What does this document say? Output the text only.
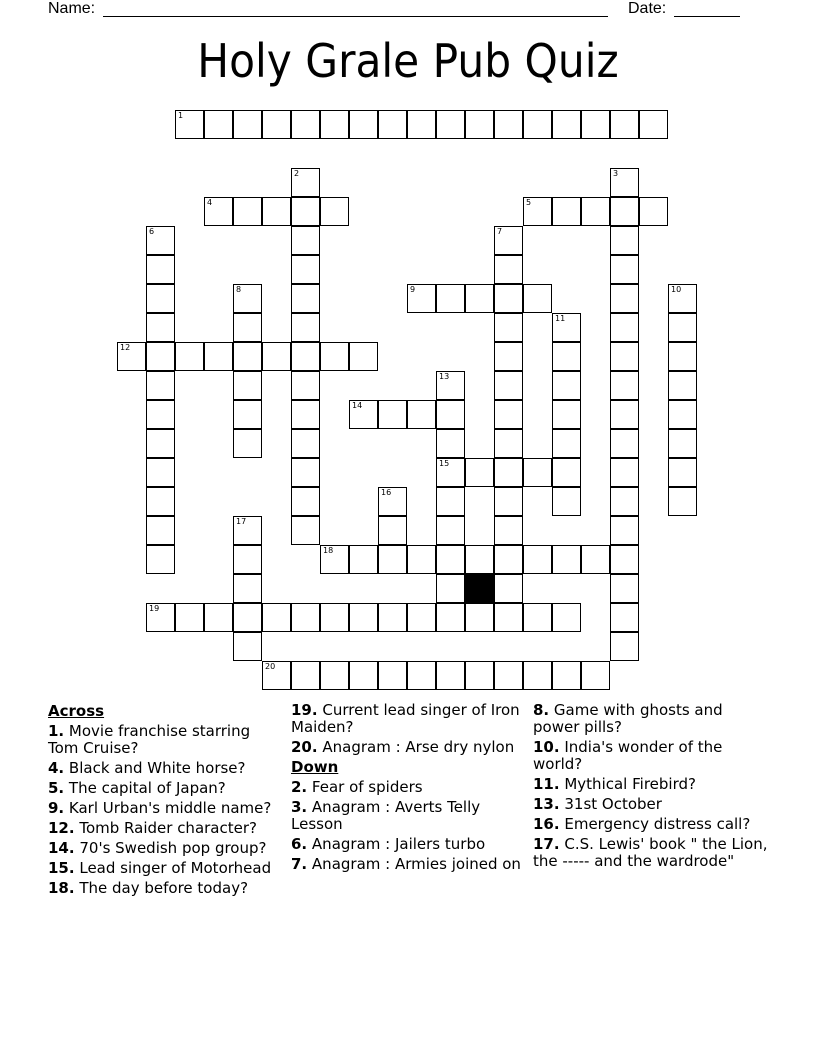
Name:	Date:
Holy Grale Pub Quiz
1
2	3
4	5
6	7
8	9	10
11
12
13
15
14
16
17
18
19
20
Across
1. Movie franchise starring Tom Cruise?
4. Black and White horse?
5. The capital of Japan?
9. Karl Urban's middle name?
12. Tomb Raider character?
14. 70's Swedish pop group?
15. Lead singer of Motorhead
18. The day before today?
19. Current lead singer of Iron Maiden?
20. Anagram : Arse dry nylon
Down
2. Fear of spiders
3. Anagram : Averts Telly Lesson
6. Anagram : Jailers turbo
7. Anagram : Armies joined on
8. Game with ghosts and power pills?
10. India's wonder of the world?
11. Mythical Firebird?
13. 31st October
16. Emergency distress call?
17. C.S. Lewis' book " the Lion, the ----- and the wardrode"
